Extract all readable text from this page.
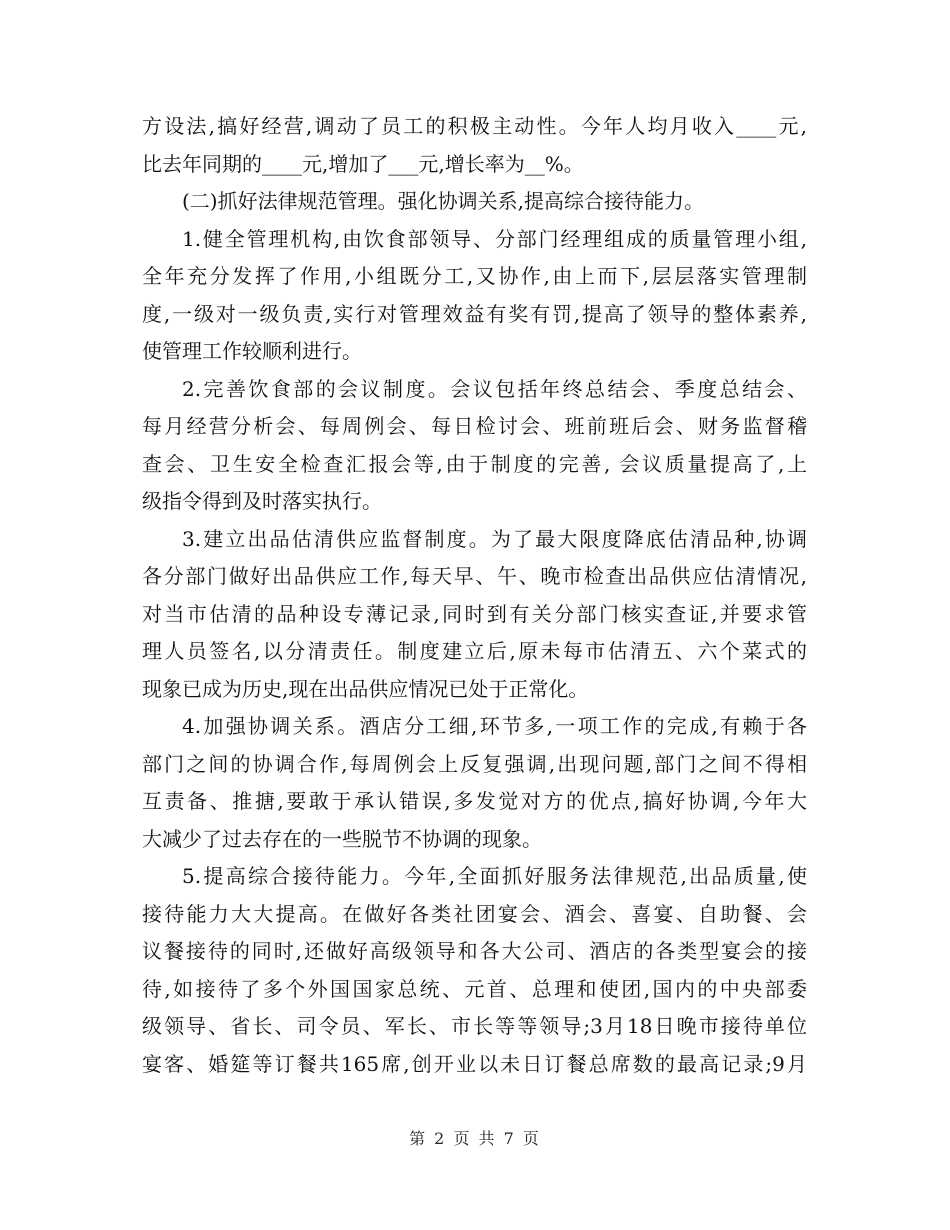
方设法,搞好经营,调动了员工的积极主动性。今年人均月收入____元,
比去年同期的____元,增加了___元,增长率为__%。
(二)抓好法律规范管理。强化协调关系,提高综合接待能力。
1.健全管理机构,由饮食部领导、分部门经理组成的质量管理小组,
全年充分发挥了作用,小组既分工,又协作,由上而下,层层落实管理制
度,一级对一级负责,实行对管理效益有奖有罚,提高了领导的整体素养,
使管理工作较顺利进行。
2.完善饮食部的会议制度。会议包括年终总结会、季度总结会、
每月经营分析会、每周例会、每日检讨会、班前班后会、财务监督稽
查会、卫生安全检查汇报会等,由于制度的完善, 会议质量提高了,上
级指令得到及时落实执行。
3.建立出品估清供应监督制度。为了最大限度降底估清品种,协调
各分部门做好出品供应工作,每天早、午、晚市检查出品供应估清情况,
对当市估清的品种设专薄记录,同时到有关分部门核实查证,并要求管
理人员签名,以分清责任。制度建立后,原未每市估清五、六个菜式的
现象已成为历史,现在出品供应情况已处于正常化。
4.加强协调关系。酒店分工细,环节多,一项工作的完成,有赖于各
部门之间的协调合作,每周例会上反复强调,出现问题,部门之间不得相
互责备、推搪,要敢于承认错误,多发觉对方的优点,搞好协调,今年大
大减少了过去存在的一些脱节不协调的现象。
5.提高综合接待能力。今年,全面抓好服务法律规范,出品质量,使
接待能力大大提高。在做好各类社团宴会、酒会、喜宴、自助餐、会
议餐接待的同时,还做好高级领导和各大公司、酒店的各类型宴会的接
待,如接待了多个外国国家总统、元首、总理和使团,国内的中央部委
级领导、省长、司令员、军长、市长等等领导;3月18日晚市接待单位
宴客、婚筵等订餐共165席,创开业以未日订餐总席数的最高记录;9月
第 2 页 共 7 页
